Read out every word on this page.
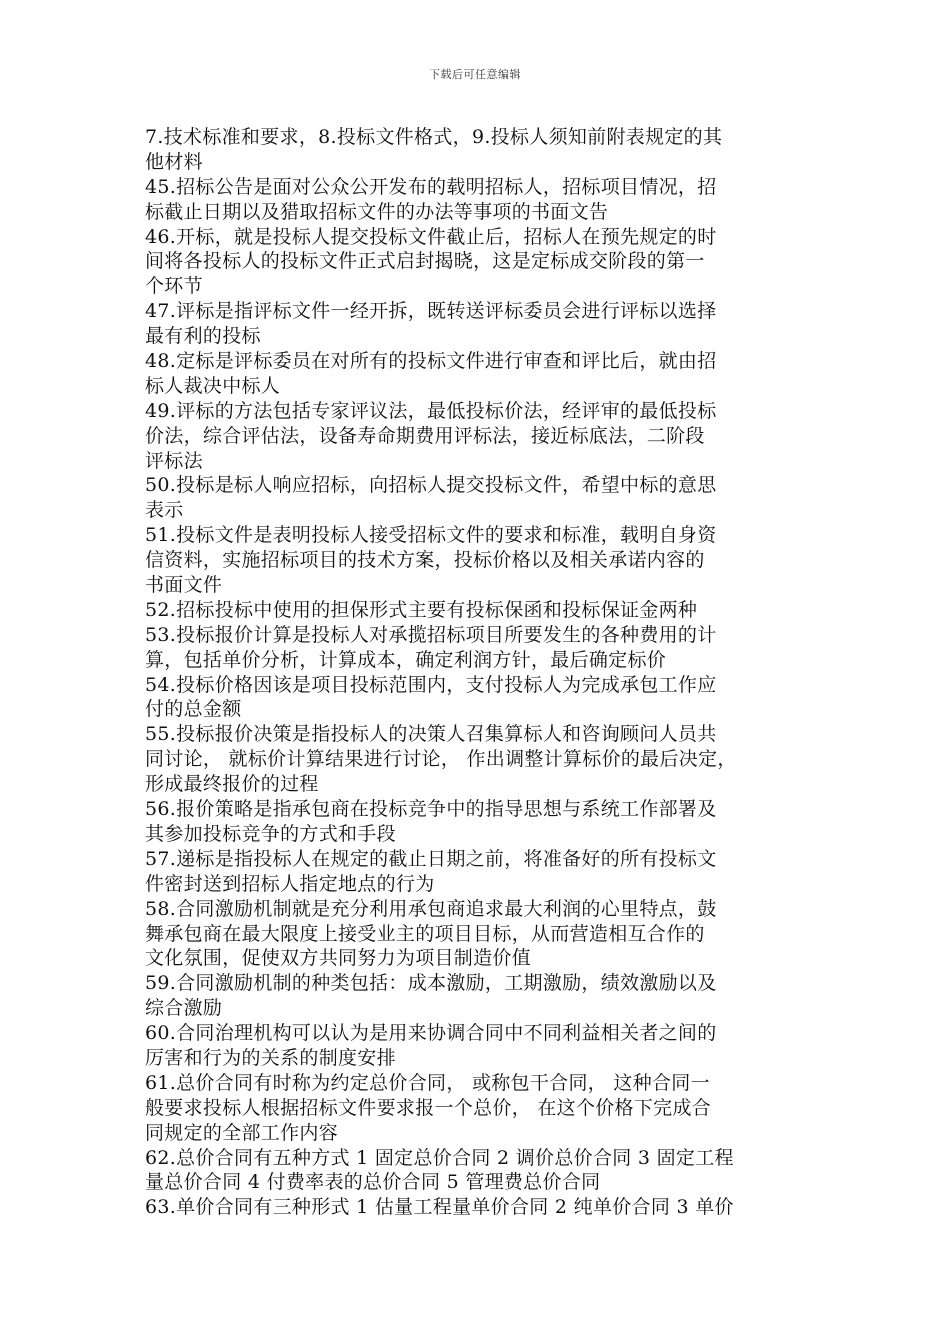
下载后可任意编辑
7.技术标准和要求，8.投标文件格式，9.投标人须知前附表规定的其
他材料
45.招标公告是面对公众公开发布的载明招标人，招标项目情况，招
标截止日期以及猎取招标文件的办法等事项的书面文告
46.开标，就是投标人提交投标文件截止后，招标人在预先规定的时
间将各投标人的投标文件正式启封揭晓，这是定标成交阶段的第一
个环节
47.评标是指评标文件一经开拆，既转送评标委员会进行评标以选择
最有利的投标
48.定标是评标委员在对所有的投标文件进行审查和评比后，就由招
标人裁决中标人
49.评标的方法包括专家评议法，最低投标价法，经评审的最低投标
价法，综合评估法，设备寿命期费用评标法，接近标底法，二阶段
评标法
50.投标是标人响应招标，向招标人提交投标文件，希望中标的意思
表示
51.投标文件是表明投标人接受招标文件的要求和标准，载明自身资
信资料，实施招标项目的技术方案，投标价格以及相关承诺内容的
书面文件
52.招标投标中使用的担保形式主要有投标保函和投标保证金两种
53.投标报价计算是投标人对承揽招标项目所要发生的各种费用的计
算，包括单价分析，计算成本，确定利润方针，最后确定标价
54.投标价格因该是项目投标范围内，支付投标人为完成承包工作应
付的总金额
55.投标报价决策是指投标人的决策人召集算标人和咨询顾问人员共
同讨论， 就标价计算结果进行讨论， 作出调整计算标价的最后决定，
形成最终报价的过程
56.报价策略是指承包商在投标竞争中的指导思想与系统工作部署及
其参加投标竞争的方式和手段
57.递标是指投标人在规定的截止日期之前，将准备好的所有投标文
件密封送到招标人指定地点的行为
58.合同激励机制就是充分利用承包商追求最大利润的心里特点，鼓
舞承包商在最大限度上接受业主的项目目标，从而营造相互合作的
文化氛围，促使双方共同努力为项目制造价值
59.合同激励机制的种类包括：成本激励，工期激励，绩效激励以及
综合激励
60.合同治理机构可以认为是用来协调合同中不同利益相关者之间的
厉害和行为的关系的制度安排
61.总价合同有时称为约定总价合同， 或称包干合同， 这种合同一
般要求投标人根据招标文件要求报一个总价， 在这个价格下完成合
同规定的全部工作内容
62.总价合同有五种方式 1 固定总价合同 2 调价总价合同 3 固定工程
量总价合同 4 付费率表的总价合同 5 管理费总价合同
63.单价合同有三种形式 1 估量工程量单价合同 2 纯单价合同 3 单价
